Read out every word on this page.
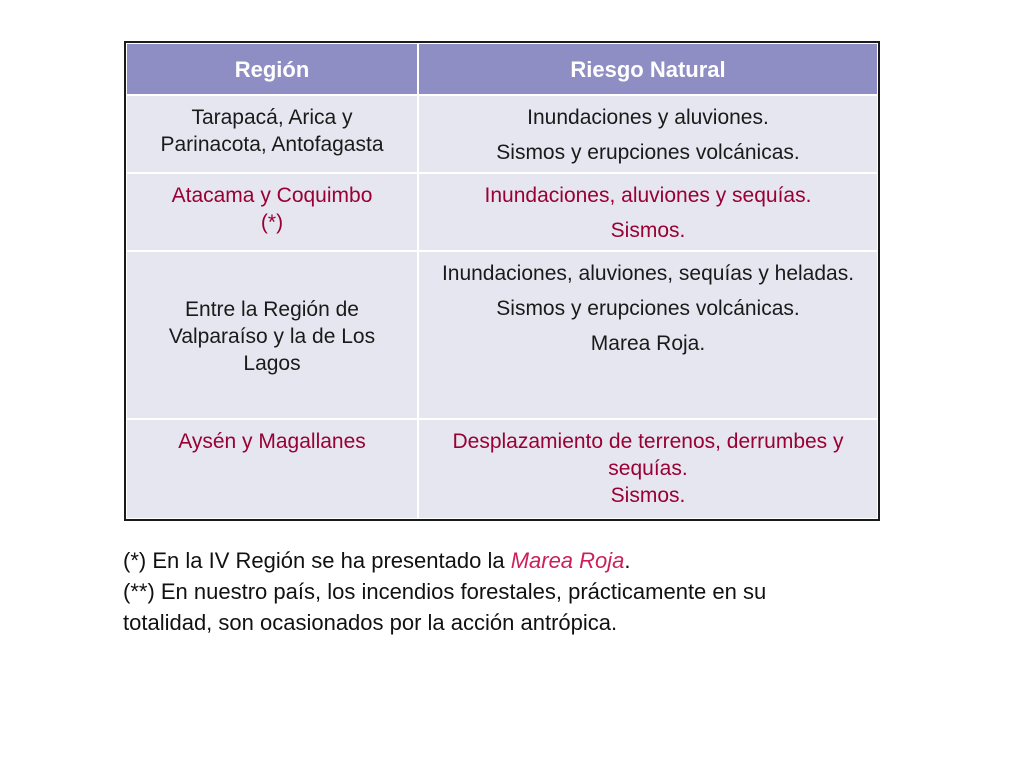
Región	Riesgo Natural

Tarapacá, Arica y
Parinacota, Antofagasta	Inundaciones y aluviones.
Sismos y erupciones volcánicas.

Atacama y Coquimbo
(*)	Inundaciones, aluviones y sequías.
Sismos.

Entre la Región de
Valparaíso y la de Los
Lagos	Inundaciones, aluviones, sequías y heladas.
Sismos y erupciones volcánicas.
Marea Roja.

Aysén y Magallanes	Desplazamiento de terrenos, derrumbes y sequías.
Sismos.

(*) En la IV Región se ha presentado la Marea Roja.

(**) En nuestro país, los incendios forestales, prácticamente en su
totalidad, son ocasionados por la acción antrópica.
